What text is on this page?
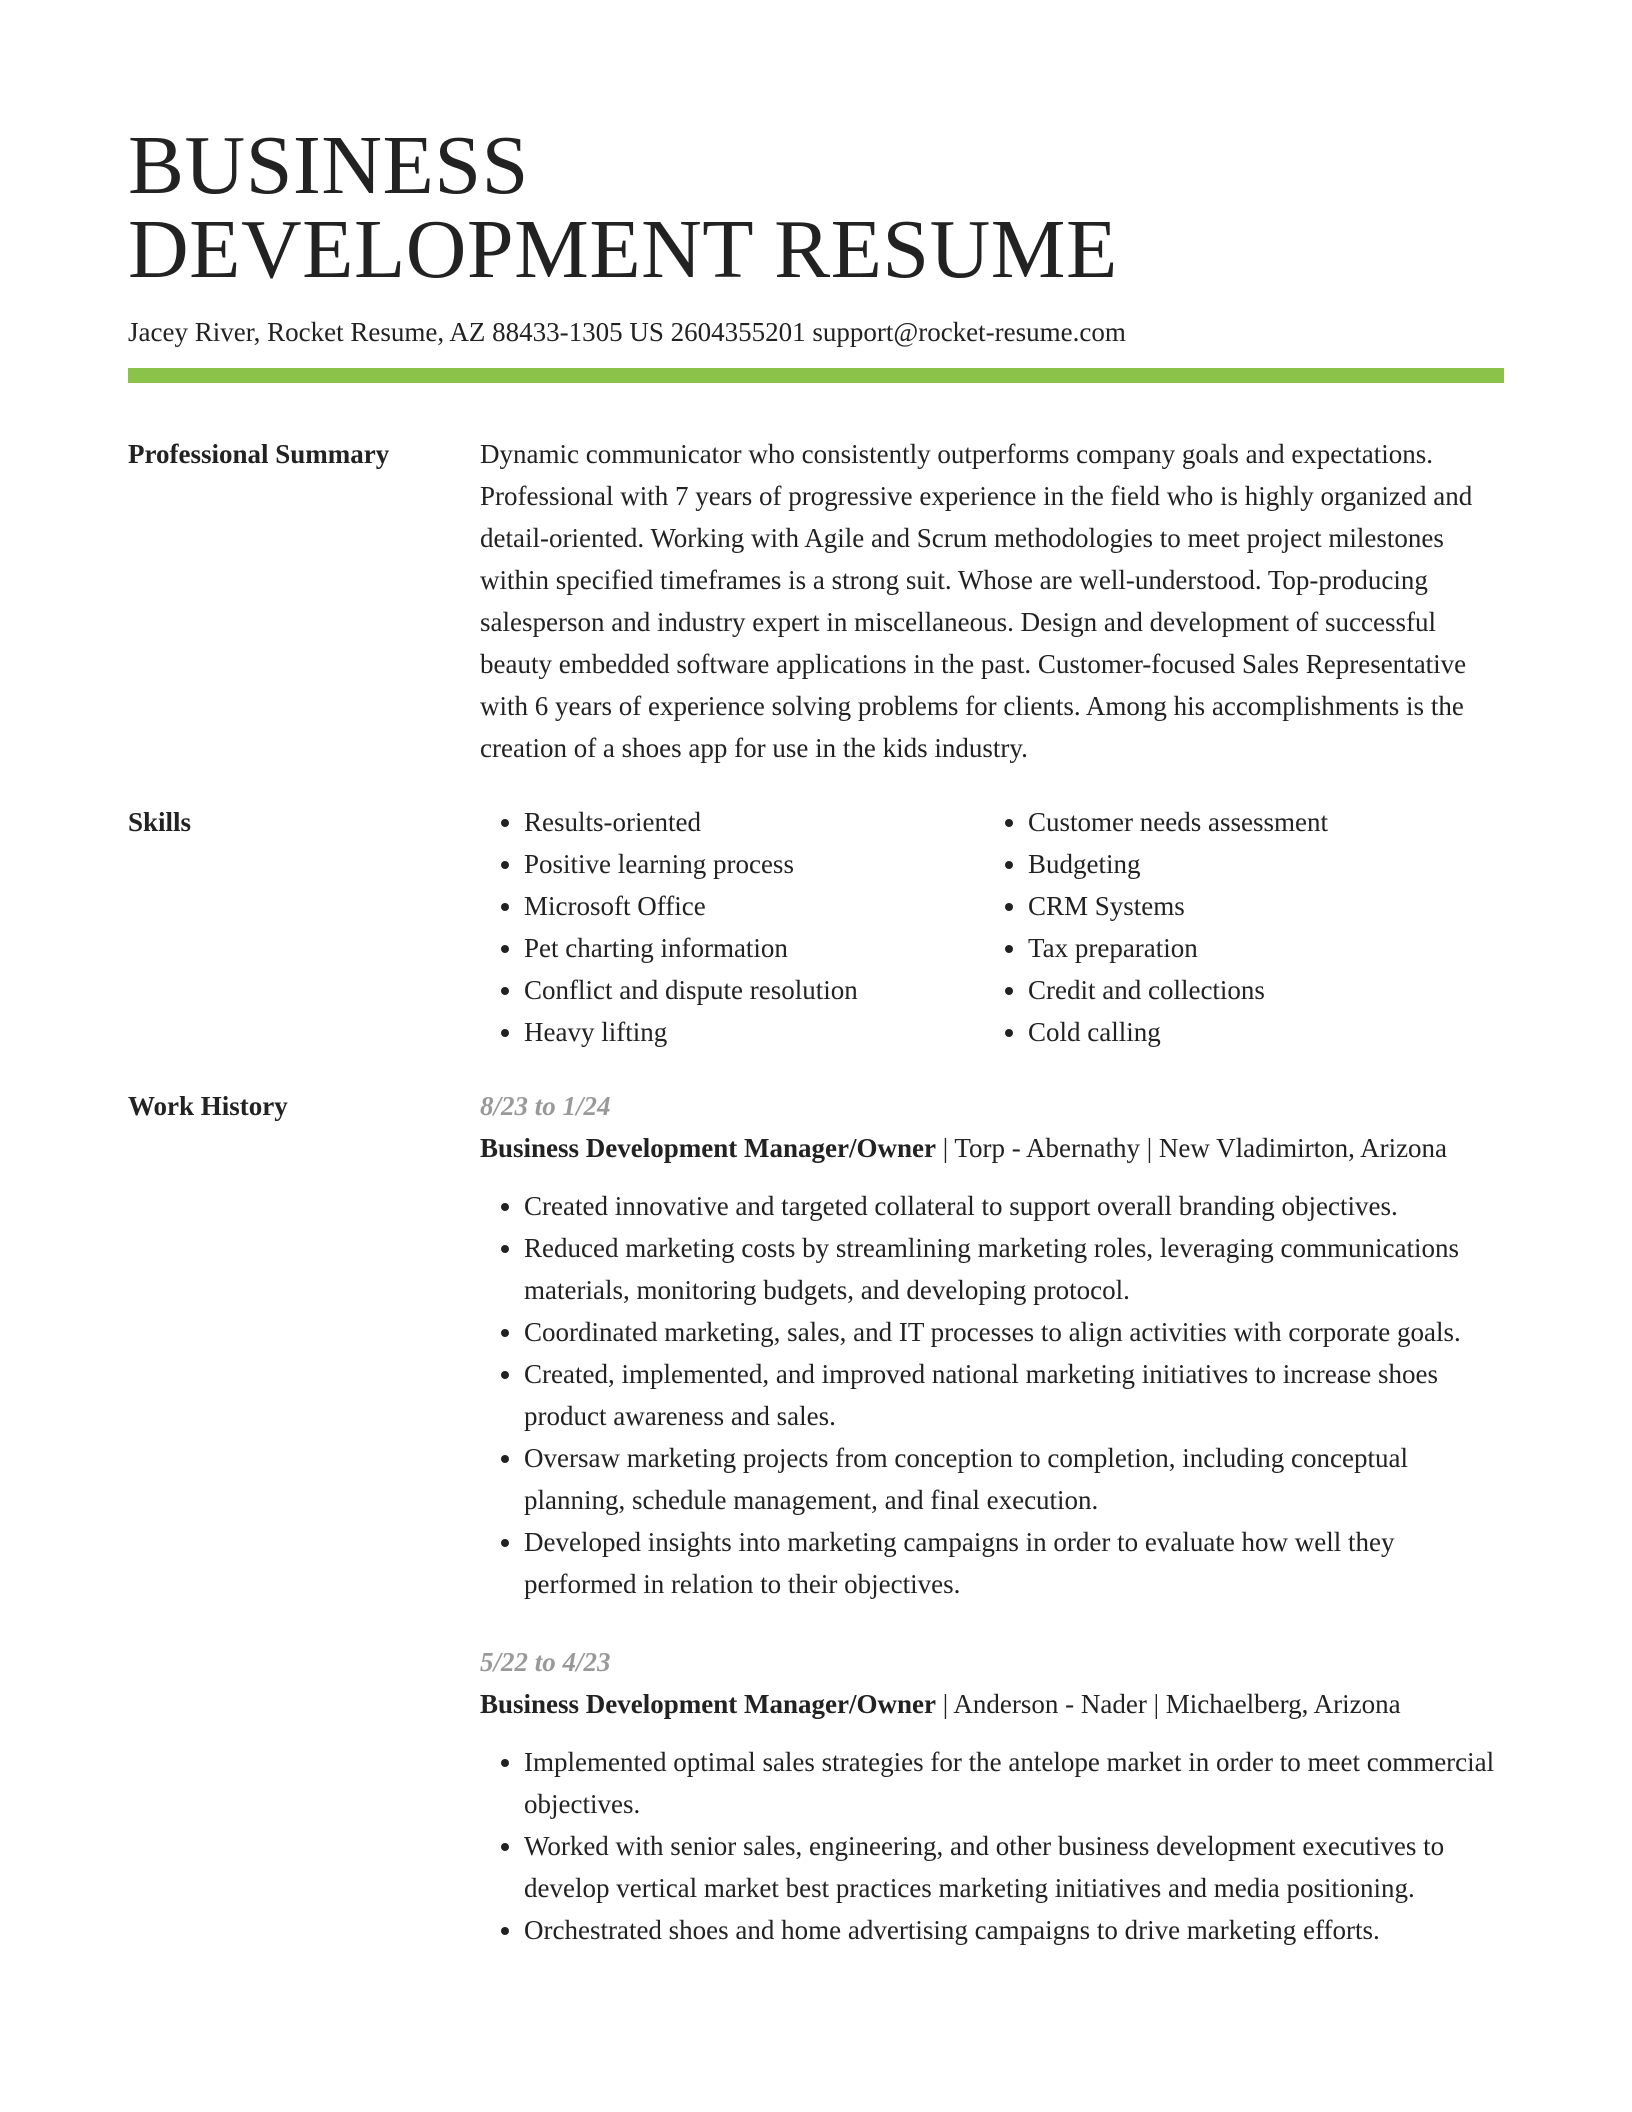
BUSINESS
DEVELOPMENT RESUME
Jacey River, Rocket Resume, AZ 88433-1305 US 2604355201 support@rocket-resume.com
Professional Summary	Dynamic communicator who consistently outperforms company goals and expectations. Professional with 7 years of progressive experience in the field who is highly organized and detail-oriented. Working with Agile and Scrum methodologies to meet project milestones within specified timeframes is a strong suit. Whose are well-understood. Top-producing salesperson and industry expert in miscellaneous. Design and development of successful beauty embedded software applications in the past. Customer-focused Sales Representative with 6 years of experience solving problems for clients. Among his accomplishments is the creation of a shoes app for use in the kids industry.

Skills
•	Results-oriented
• Positive learning process
• Microsoft Office
• Pet charting information
• Conflict and dispute resolution
• Heavy lifting
• Customer needs assessment
• Budgeting
• CRM Systems
• Tax preparation
• Credit and collections
• Cold calling
Work History	8/23 to 1/24
Business Development Manager/Owner | Torp - Abernathy | New Vladimirton, Arizona
• Created innovative and targeted collateral to support overall branding objectives.
• Reduced marketing costs by streamlining marketing roles, leveraging communications materials, monitoring budgets, and developing protocol.
• Coordinated marketing, sales, and IT processes to align activities with corporate goals.
• Created, implemented, and improved national marketing initiatives to increase shoes product awareness and sales.
• Oversaw marketing projects from conception to completion, including conceptual planning, schedule management, and final execution.
• Developed insights into marketing campaigns in order to evaluate how well they performed in relation to their objectives.
5/22 to 4/23
Business Development Manager/Owner | Anderson - Nader | Michaelberg, Arizona
• Implemented optimal sales strategies for the antelope market in order to meet commercial objectives.
• Worked with senior sales, engineering, and other business development executives to develop vertical market best practices marketing initiatives and media positioning.
• Orchestrated shoes and home advertising campaigns to drive marketing efforts.
